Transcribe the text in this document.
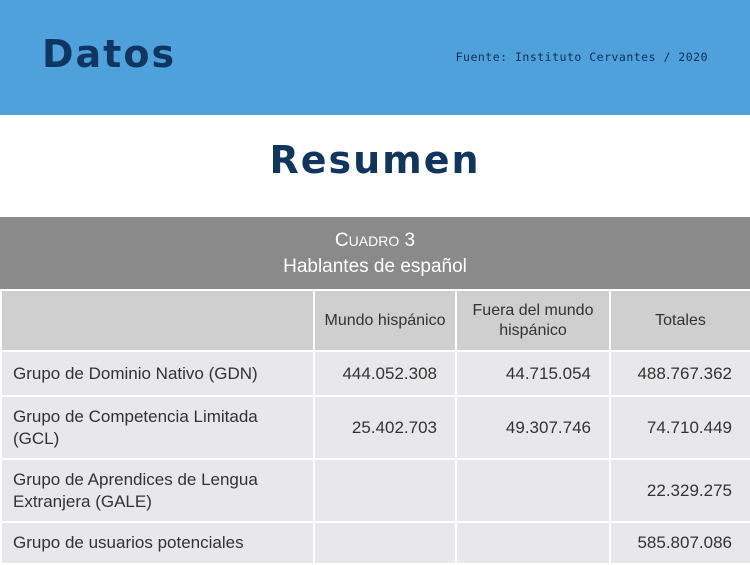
Datos	Fuente: Instituto Cervantes / 2020
Resumen
CUADRO 3
Hablantes de español
	Mundo hispánico	Fuera del mundo hispánico	Totales
Grupo de Dominio Nativo (GDN)	444.052.308	44.715.054	488.767.362
Grupo de Competencia Limitada (GCL)	25.402.703	49.307.746	74.710.449
Grupo de Aprendices de Lengua Extranjera (GALE)			22.329.275
Grupo de usuarios potenciales			585.807.086
